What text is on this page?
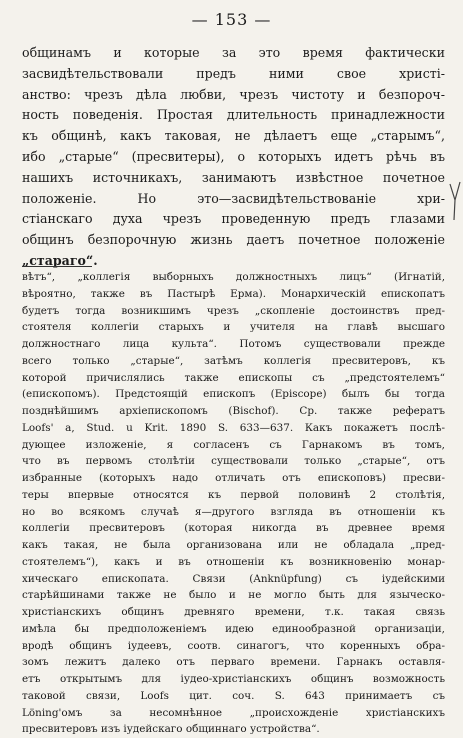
— 153 —
общинамъ и которые за это время фактически
засвидѣтельствовали предъ ними свое христі-
анство: чрезъ дѣла любви, чрезъ чистоту и безпороч-
ность поведенія. Простая длительность принадлежности
къ общинѣ, какъ таковая, не дѣлаетъ еще „старымъ“,
ибо „старые“ (пресвитеры), о которыхъ идетъ рѣчь въ
нашихъ источникахъ, занимаютъ извѣстное почетное
положеніе. Но это—засвидѣтельствованіе хри-
стіанскаго духа чрезъ проведенную предъ глазами
общинъ безпорочную жизнь даетъ почетное положеніе
„стараго“.
вѣтъ“, „коллегія выборныхъ должностныхъ лицъ“ (Игнатій,
вѣроятно, также въ Пастырѣ Ерма). Монархическій епископатъ
будетъ тогда возникшимъ чрезъ „скопленіе достоинствъ пред-
стоятеля коллегіи старыхъ и учителя на главѣ высшаго
должностнаго лица культа“. Потомъ существовали прежде
всего только „старые“, затѣмъ коллегія пресвитеровъ, къ
которой причислялись также епископы съ „предстоятелемъ“
(епископомъ). Предстоящій епископъ (Episcope) былъ бы тогда
позднѣйшимъ архіепископомъ (Bischof). Ср. также рефератъ
Loofs' a, Stud. u Krit. 1890 S. 633—637. Какъ покажетъ послѣ-
дующее изложеніе, я согласенъ съ Гарнакомъ въ томъ,
что въ первомъ столѣтіи существовали только „старые“, отъ
избранные (которыхъ надо отличать отъ епископовъ) пресви-
теры впервые относятся къ первой половинѣ 2 столѣтія,
но во всякомъ случаѣ я—другого взгляда въ отношеніи къ
коллегіи пресвитеровъ (которая никогда въ древнее время
какъ такая, не была организована или не обладала „пред-
стоятелемъ“), какъ и въ отношеніи къ возникновенію монар-
хическаго епископата. Связи (Anknüpfung) съ іудейскими
старѣйшинами также не было и не могло быть для языческо-
христіанскихъ общинъ древняго времени, т.к. такая связь
имѣла бы предположеніемъ идею единообразной организаціи,
вродѣ общинъ іудеевъ, соотв. синагогъ, что коренныхъ обра-
зомъ лежитъ далеко отъ перваго времени. Гарнакъ оставля-
етъ открытымъ для іудео-христіанскихъ общинъ возможность
таковой связи, Loofs цит. соч. S. 643 принимаетъ съ
Löning'омъ за несомнѣнное „происхожденіе христіанскихъ
пресвитеровъ изъ іудейскаго общиннаго устройства“.
